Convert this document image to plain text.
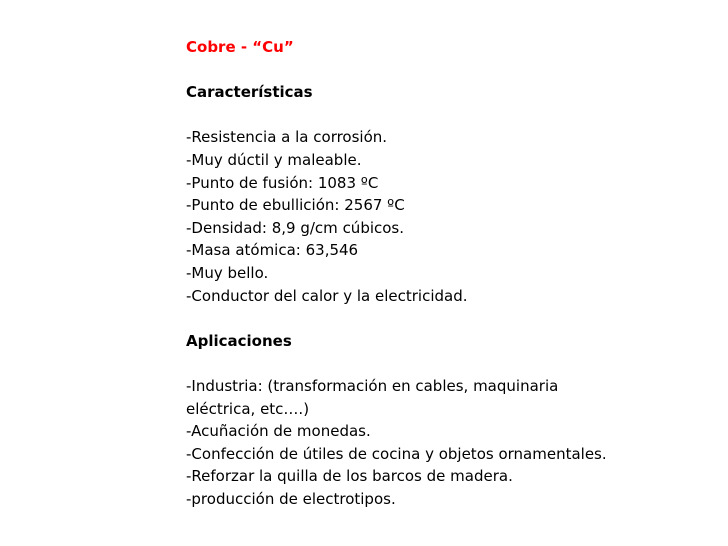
Cobre - “Cu”
Características
-Resistencia a la corrosión.
-Muy dúctil y maleable.
-Punto de fusión: 1083 ºC
-Punto de ebullición: 2567 ºC
-Densidad: 8,9 g/cm cúbicos.
-Masa atómica: 63,546
-Muy bello.
-Conductor del calor y la electricidad.
Aplicaciones
-Industria: (transformación en cables, maquinaria
eléctrica, etc….)
-Acuñación de monedas.
-Confección de útiles de cocina y objetos ornamentales.
-Reforzar la quilla de los barcos de madera.
-producción de electrotipos.
